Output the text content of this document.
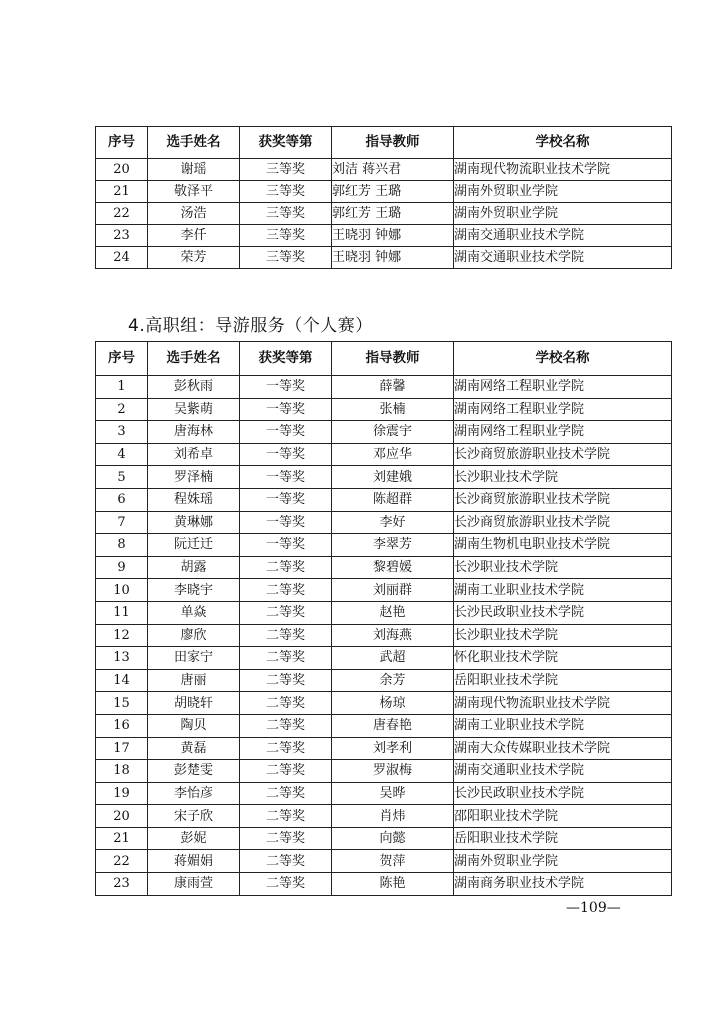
序号	选手姓名	获奖等第	指导教师	学校名称
20	谢瑶	三等奖	刘洁 蒋兴君	湖南现代物流职业技术学院
21	敬泽平	三等奖	郭红芳 王璐	湖南外贸职业学院
22	汤浩	三等奖	郭红芳 王璐	湖南外贸职业学院
23	李仟	三等奖	王晓羽 钟娜	湖南交通职业技术学院
24	荣芳	三等奖	王晓羽 钟娜	湖南交通职业技术学院
4.高职组：导游服务（个人赛）
序号	选手姓名	获奖等第	指导教师	学校名称
1	彭秋雨	一等奖	薛馨	湖南网络工程职业学院
2	吴紫萌	一等奖	张楠	湖南网络工程职业学院
3	唐海林	一等奖	徐震宇	湖南网络工程职业学院
4	刘希卓	一等奖	邓应华	长沙商贸旅游职业技术学院
5	罗泽楠	一等奖	刘建娥	长沙职业技术学院
6	程姝瑶	一等奖	陈超群	长沙商贸旅游职业技术学院
7	黄琳娜	一等奖	李好	长沙商贸旅游职业技术学院
8	阮迁迁	一等奖	李翠芳	湖南生物机电职业技术学院
9	胡露	二等奖	黎碧媛	长沙职业技术学院
10	李晓宇	二等奖	刘丽群	湖南工业职业技术学院
11	单焱	二等奖	赵艳	长沙民政职业技术学院
12	廖欣	二等奖	刘海燕	长沙职业技术学院
13	田家宁	二等奖	武超	怀化职业技术学院
14	唐丽	二等奖	余芳	岳阳职业技术学院
15	胡晓轩	二等奖	杨琼	湖南现代物流职业技术学院
16	陶贝	二等奖	唐春艳	湖南工业职业技术学院
17	黄磊	二等奖	刘孝利	湖南大众传媒职业技术学院
18	彭楚雯	二等奖	罗淑梅	湖南交通职业技术学院
19	李怡彦	二等奖	吴晔	长沙民政职业技术学院
20	宋子欣	二等奖	肖炜	邵阳职业技术学院
21	彭妮	二等奖	向懿	岳阳职业技术学院
22	蒋媚娟	二等奖	贺萍	湖南外贸职业学院
23	康雨萱	二等奖	陈艳	湖南商务职业技术学院
—109—
